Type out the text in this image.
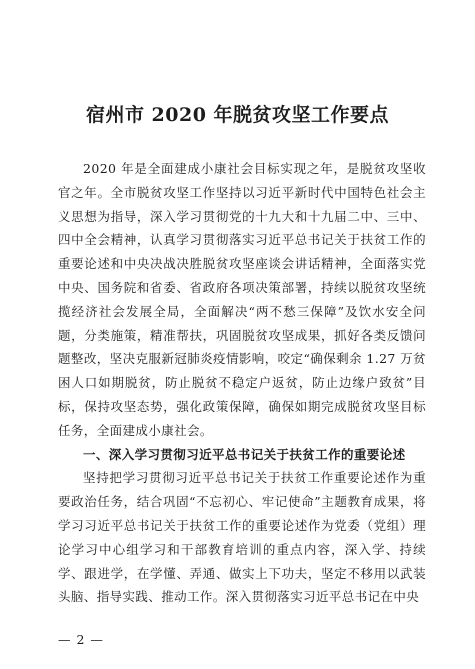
宿州市 2020 年脱贫攻坚工作要点

2020 年是全面建成小康社会目标实现之年，是脱贫攻坚收官之年。全市脱贫攻坚工作坚持以习近平新时代中国特色社会主义思想为指导，深入学习贯彻党的十九大和十九届二中、三中、四中全会精神，认真学习贯彻落实习近平总书记关于扶贫工作的重要论述和中央决战决胜脱贫攻坚座谈会讲话精神，全面落实党中央、国务院和省委、省政府各项决策部署，持续以脱贫攻坚统揽经济社会发展全局，全面解决“两不愁三保障”及饮水安全问题，分类施策，精准帮扶，巩固脱贫攻坚成果，抓好各类反馈问题整改，坚决克服新冠肺炎疫情影响，咬定“确保剩余 1.27 万贫困人口如期脱贫，防止脱贫不稳定户返贫，防止边缘户致贫”目标，保持攻坚态势，强化政策保障，确保如期完成脱贫攻坚目标任务，全面建成小康社会。

一、深入学习贯彻习近平总书记关于扶贫工作的重要论述

坚持把学习贯彻习近平总书记关于扶贫工作重要论述作为重要政治任务，结合巩固“不忘初心、牢记使命”主题教育成果，将学习习近平总书记关于扶贫工作的重要论述作为党委（党组）理论学习中心组学习和干部教育培训的重点内容，深入学、持续学、跟进学，在学懂、弄通、做实上下功夫，坚定不移用以武装头脑、指导实践、推动工作。深入贯彻落实习近平总书记在中央

— 2 —
